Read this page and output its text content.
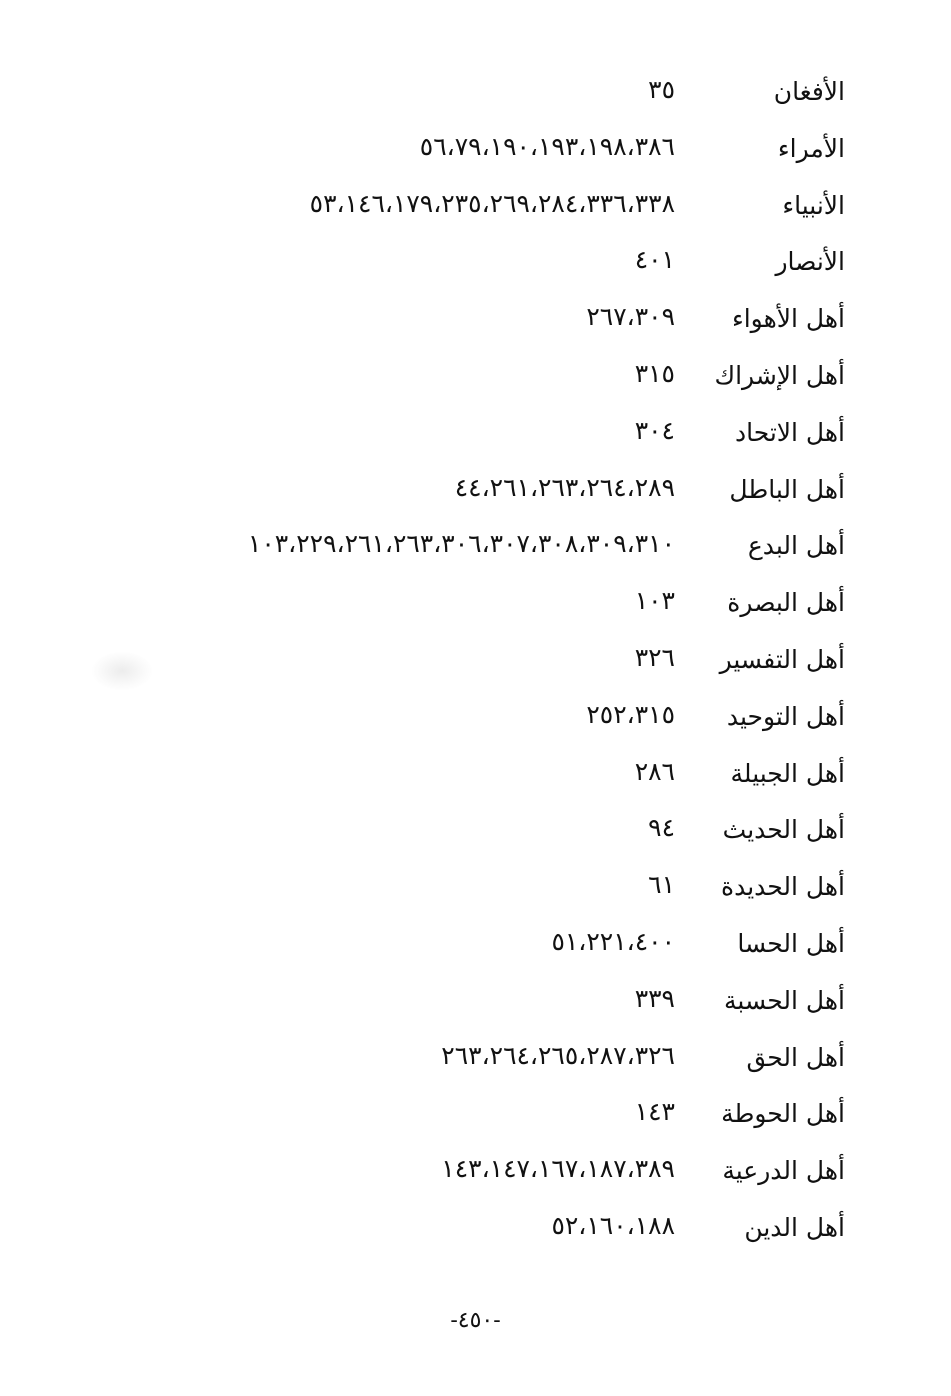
الأفغان
٣٥
الأمراء
٥٦،٧٩،١٩٠،١٩٣،١٩٨،٣٨٦
الأنبياء
٥٣،١٤٦،١٧٩،٢٣٥،٢٦٩،٢٨٤،٣٣٦،٣٣٨
الأنصار
٤٠١
أهل الأهواء
٢٦٧،٣٠٩
أهل الإشراك
٣١٥
أهل الاتحاد
٣٠٤
أهل الباطل
٤٤،٢٦١،٢٦٣،٢٦٤،٢٨٩
أهل البدع
١٠٣،٢٢٩،٢٦١،٢٦٣،٣٠٦،٣٠٧،٣٠٨،٣٠٩،٣١٠
أهل البصرة
١٠٣
أهل التفسير
٣٢٦
أهل التوحيد
٢٥٢،٣١٥
أهل الجبيلة
٢٨٦
أهل الحديث
٩٤
أهل الحديدة
٦١
أهل الحسا
٥١،٢٢١،٤٠٠
أهل الحسبة
٣٣٩
أهل الحق
٢٦٣،٢٦٤،٢٦٥،٢٨٧،٣٢٦
أهل الحوطة
١٤٣
أهل الدرعية
١٤٣،١٤٧،١٦٧،١٨٧،٣٨٩
أهل الدين
٥٢،١٦٠،١٨٨
-٤٥٠-
